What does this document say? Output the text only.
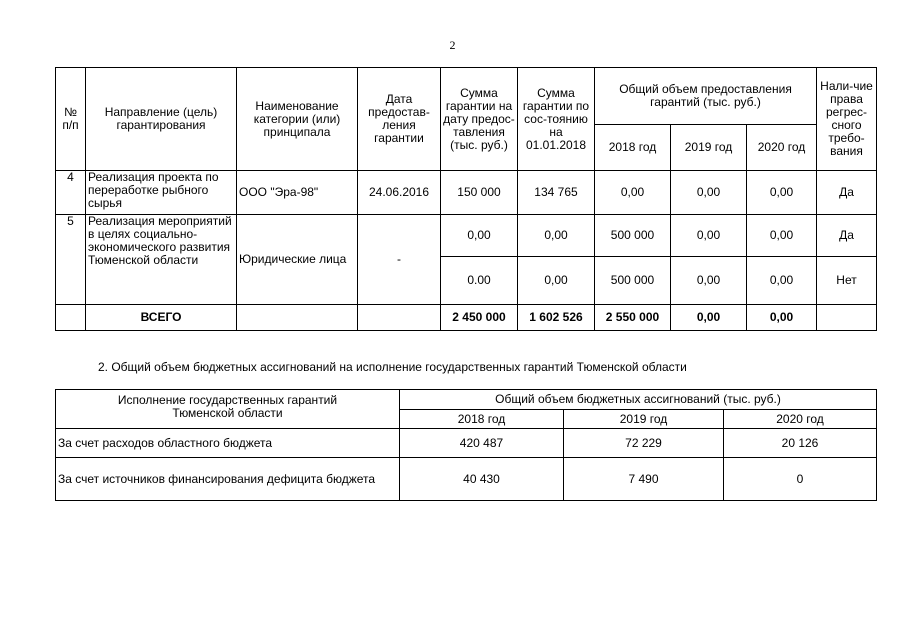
2
№ п/п	Направление (цель) гарантирования	Наименование категории (или) принципала	Дата предостав-ления гарантии	Сумма гарантии на дату предос-тавления (тыс. руб.)	Сумма гарантии по сос-тоянию на 01.01.2018	Общий объем предоставления гарантий (тыс. руб.)			Нали-чие права регрес-сного требо-вания
						2018 год	2019 год	2020 год	
4	Реализация проекта по переработке рыбного сырья	ООО "Эра-98"	24.06.2016	150 000	134 765	0,00	0,00	0,00	Да
5	Реализация мероприятий в целях социально-экономического развития Тюменской области	Юридические лица	-	0,00	0,00	500 000	0,00	0,00	Да
				0.00	0,00	500 000	0,00	0,00	Нет
	ВСЕГО			2 450 000	1 602 526	2 550 000	0,00	0,00	
2. Общий объем бюджетных ассигнований на исполнение государственных гарантий Тюменской области
Исполнение государственных гарантий Тюменской области	Общий объем бюджетных ассигнований (тыс. руб.)		
	2018 год	2019 год	2020 год
За счет расходов областного бюджета	420 487	72 229	20 126
За счет источников финансирования дефицита бюджета	40 430	7 490	0
